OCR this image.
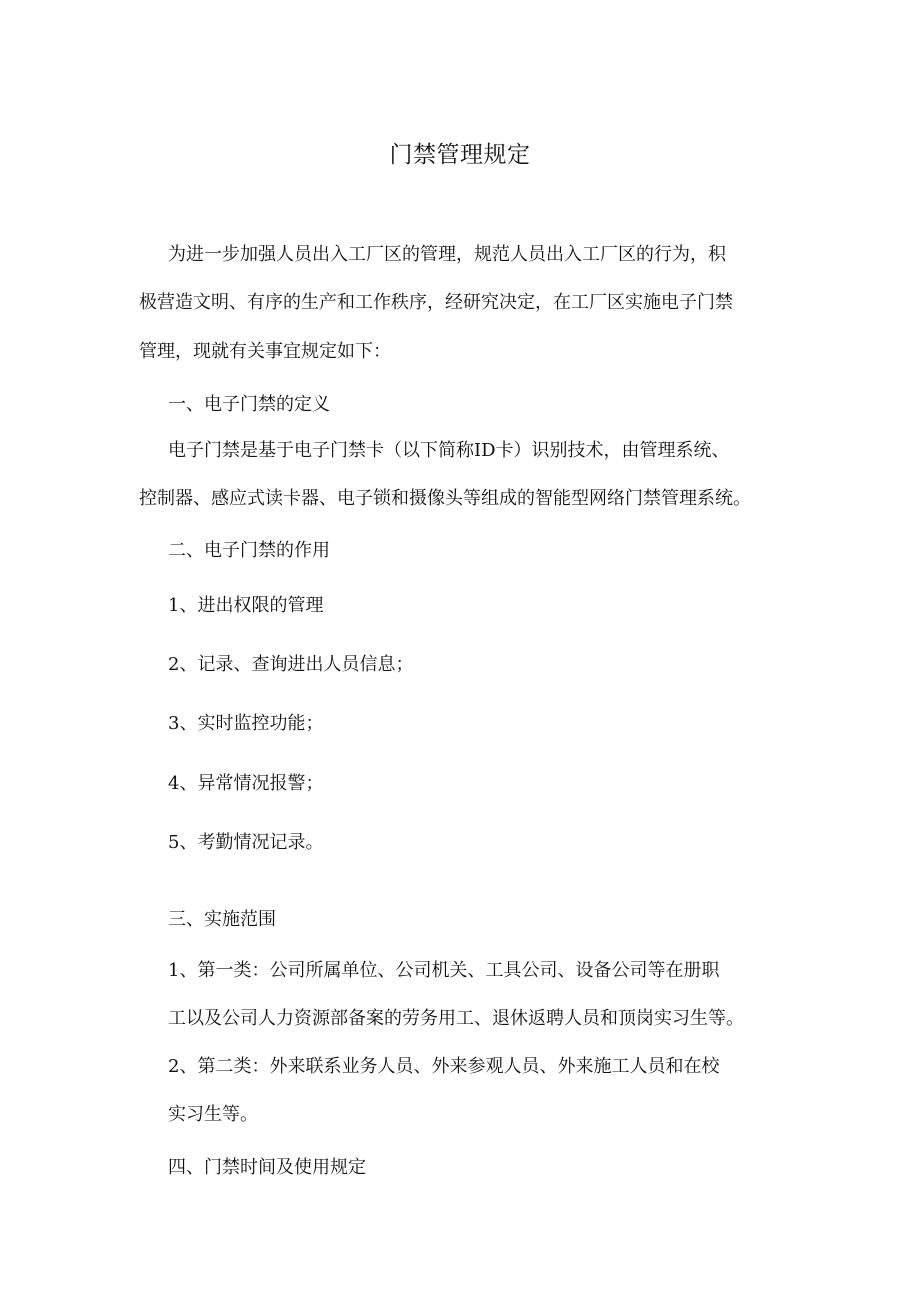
门禁管理规定
为进一步加强人员出入工厂区的管理，规范人员出入工厂区的行为，积
极营造文明、有序的生产和工作秩序，经研究决定，在工厂区实施电子门禁
管理，现就有关事宜规定如下：
一、电子门禁的定义
电子门禁是基于电子门禁卡（以下简称ID卡）识别技术，由管理系统、
控制器、感应式读卡器、电子锁和摄像头等组成的智能型网络门禁管理系统。
二、电子门禁的作用
1、进出权限的管理
2、记录、查询进出人员信息；
3、实时监控功能；
4、异常情况报警；
5、考勤情况记录。
三、实施范围
1、第一类：公司所属单位、公司机关、工具公司、设备公司等在册职
工以及公司人力资源部备案的劳务用工、退休返聘人员和顶岗实习生等。
2、第二类：外来联系业务人员、外来参观人员、外来施工人员和在校
实习生等。
四、门禁时间及使用规定
